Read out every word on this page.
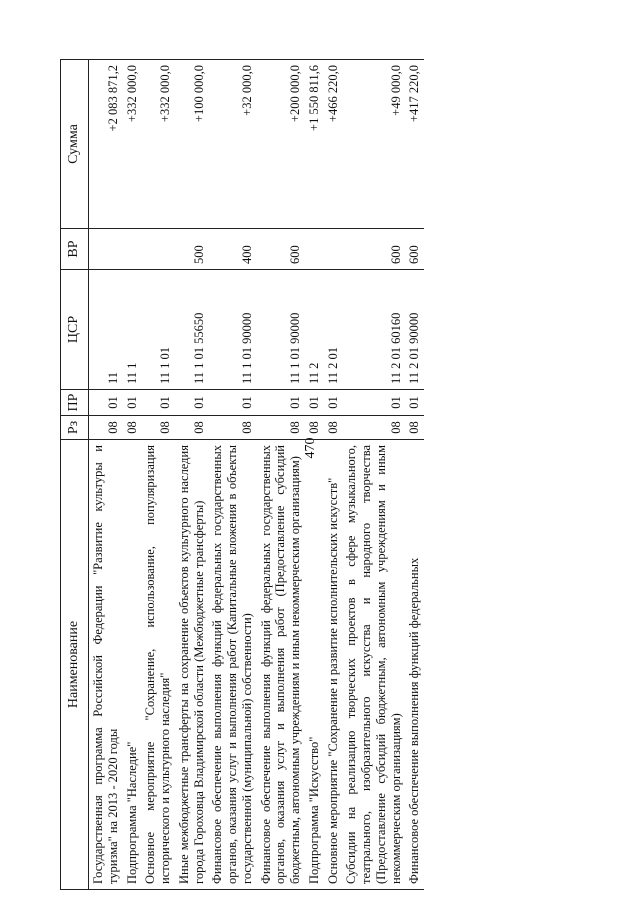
470
Наименование	Рз	ПР	ЦСР	ВР	Сумма
Государственная программа Российской Федерации "Развитие культуры и туризма" на 2013 - 2020 годы	08	01	11		+2 083 871,2
Подпрограмма "Наследие"	08	01	11 1		+332 000,0
Основное мероприятие "Сохранение, использование, популяризация исторического и культурного наследия"	08	01	11 1 01		+332 000,0
Иные межбюджетные трансферты на сохранение объектов культурного наследия города Гороховца Владимирской области (Межбюджетные трансферты)	08	01	11 1 01 55650	500	+100 000,0
Финансовое обеспечение выполнения функций федеральных государственных органов, оказания услуг и выполнения работ (Капитальные вложения в объекты государственной (муниципальной) собственности)	08	01	11 1 01 90000	400	+32 000,0
Финансовое обеспечение выполнения функций федеральных государственных органов, оказания услуг и выполнения работ (Предоставление субсидий бюджетным, автономным учреждениям и иным некоммерческим организациям)	08	01	11 1 01 90000	600	+200 000,0
Подпрограмма "Искусство"	08	01	11 2		+1 550 811,6
Основное мероприятие "Сохранение и развитие исполнительских искусств"	08	01	11 2 01		+466 220,0
Субсидии на реализацию творческих проектов в сфере музыкального, театрального, изобразительного искусства и народного творчества (Предоставление субсидий бюджетным, автономным учреждениям и иным некоммерческим организациям)	08	01	11 2 01 60160	600	+49 000,0
Финансовое обеспечение выполнения функций федеральных	08	01	11 2 01 90000	600	+417 220,0
